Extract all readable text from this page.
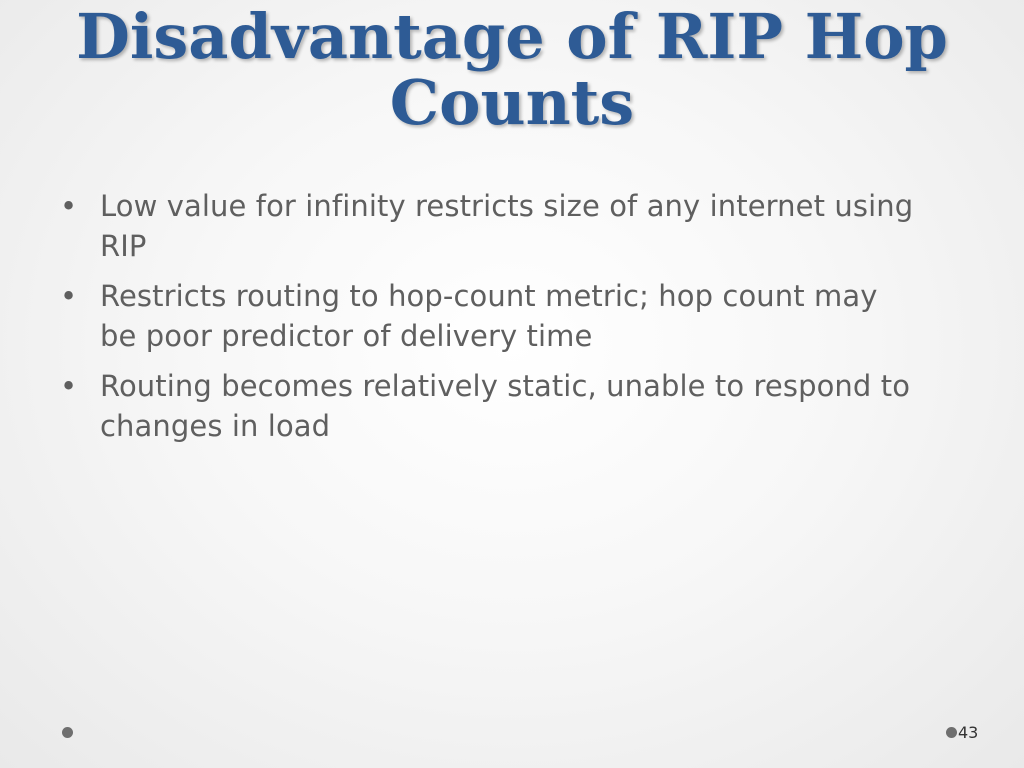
Disadvantage of RIP Hop
Counts
• Low value for infinity restricts size of any internet using RIP
• Restricts routing to hop-count metric; hop count may be poor predictor of delivery time
• Routing becomes relatively static, unable to respond to changes in load
43
